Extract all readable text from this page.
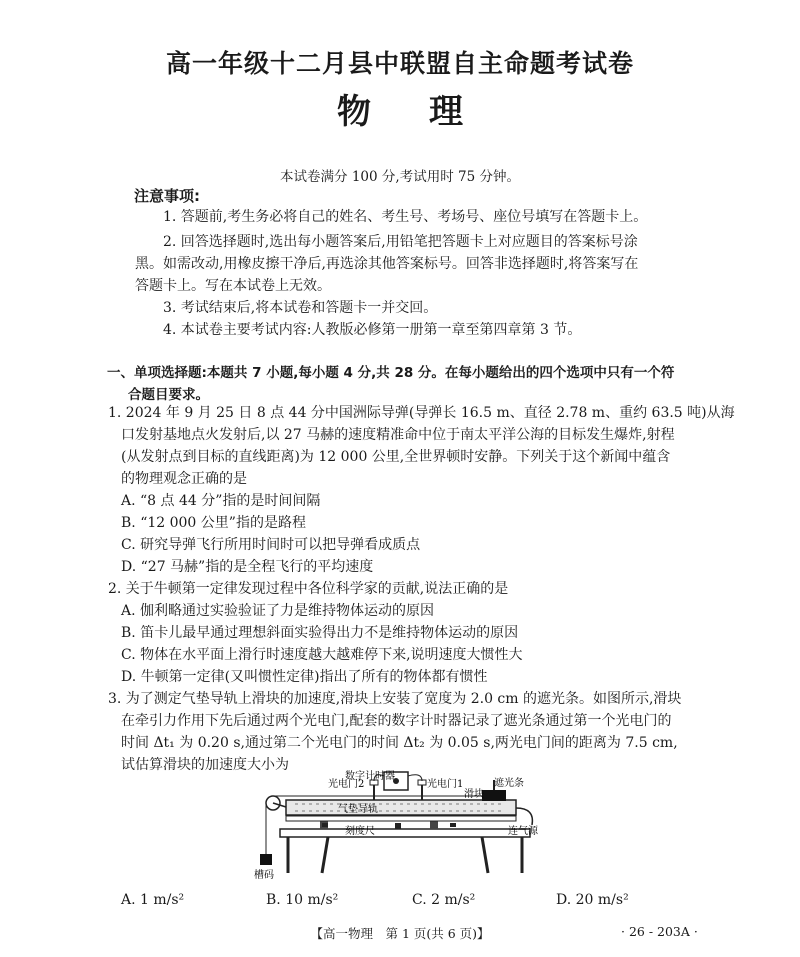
高一年级十二月县中联盟自主命题考试卷
物理
本试卷满分 100 分,考试用时 75 分钟。
注意事项:
1. 答题前,考生务必将自己的姓名、考生号、考场号、座位号填写在答题卡上。
2. 回答选择题时,选出每小题答案后,用铅笔把答题卡上对应题目的答案标号涂
黑。如需改动,用橡皮擦干净后,再选涂其他答案标号。回答非选择题时,将答案写在
答题卡上。写在本试卷上无效。
3. 考试结束后,将本试卷和答题卡一并交回。
4. 本试卷主要考试内容:人教版必修第一册第一章至第四章第 3 节。
一、单项选择题:本题共 7 小题,每小题 4 分,共 28 分。在每小题给出的四个选项中只有一个符
合题目要求。
1. 2024 年 9 月 25 日 8 点 44 分中国洲际导弹(导弹长 16.5 m、直径 2.78 m、重约 63.5 吨)从海
口发射基地点火发射后,以 27 马赫的速度精准命中位于南太平洋公海的目标发生爆炸,射程
(从发射点到目标的直线距离)为 12 000 公里,全世界顿时安静。下列关于这个新闻中蕴含
的物理观念正确的是
A. “8 点 44 分”指的是时间间隔
B. “12 000 公里”指的是路程
C. 研究导弹飞行所用时间时可以把导弹看成质点
D. “27 马赫”指的是全程飞行的平均速度
2. 关于牛顿第一定律发现过程中各位科学家的贡献,说法正确的是
A. 伽利略通过实验验证了力是维持物体运动的原因
B. 笛卡儿最早通过理想斜面实验得出力不是维持物体运动的原因
C. 物体在水平面上滑行时速度越大越难停下来,说明速度大惯性大
D. 牛顿第一定律(又叫惯性定律)指出了所有的物体都有惯性
3. 为了测定气垫导轨上滑块的加速度,滑块上安装了宽度为 2.0 cm 的遮光条。如图所示,滑块
在牵引力作用下先后通过两个光电门,配套的数字计时器记录了遮光条通过第一个光电门的
时间 Δt₁ 为 0.20 s,通过第二个光电门的时间 Δt₂ 为 0.05 s,两光电门间的距离为 7.5 cm,
试估算滑块的加速度大小为
数字计时器
光电门2	光电门1
滑块
遮光条
气垫导轨
刻度尺	连气源
槽码
A. 1 m/s²	B. 10 m/s²	C. 2 m/s²	D. 20 m/s²
【高一物理　第 1 页(共 6 页)】	· 26 - 203A ·
